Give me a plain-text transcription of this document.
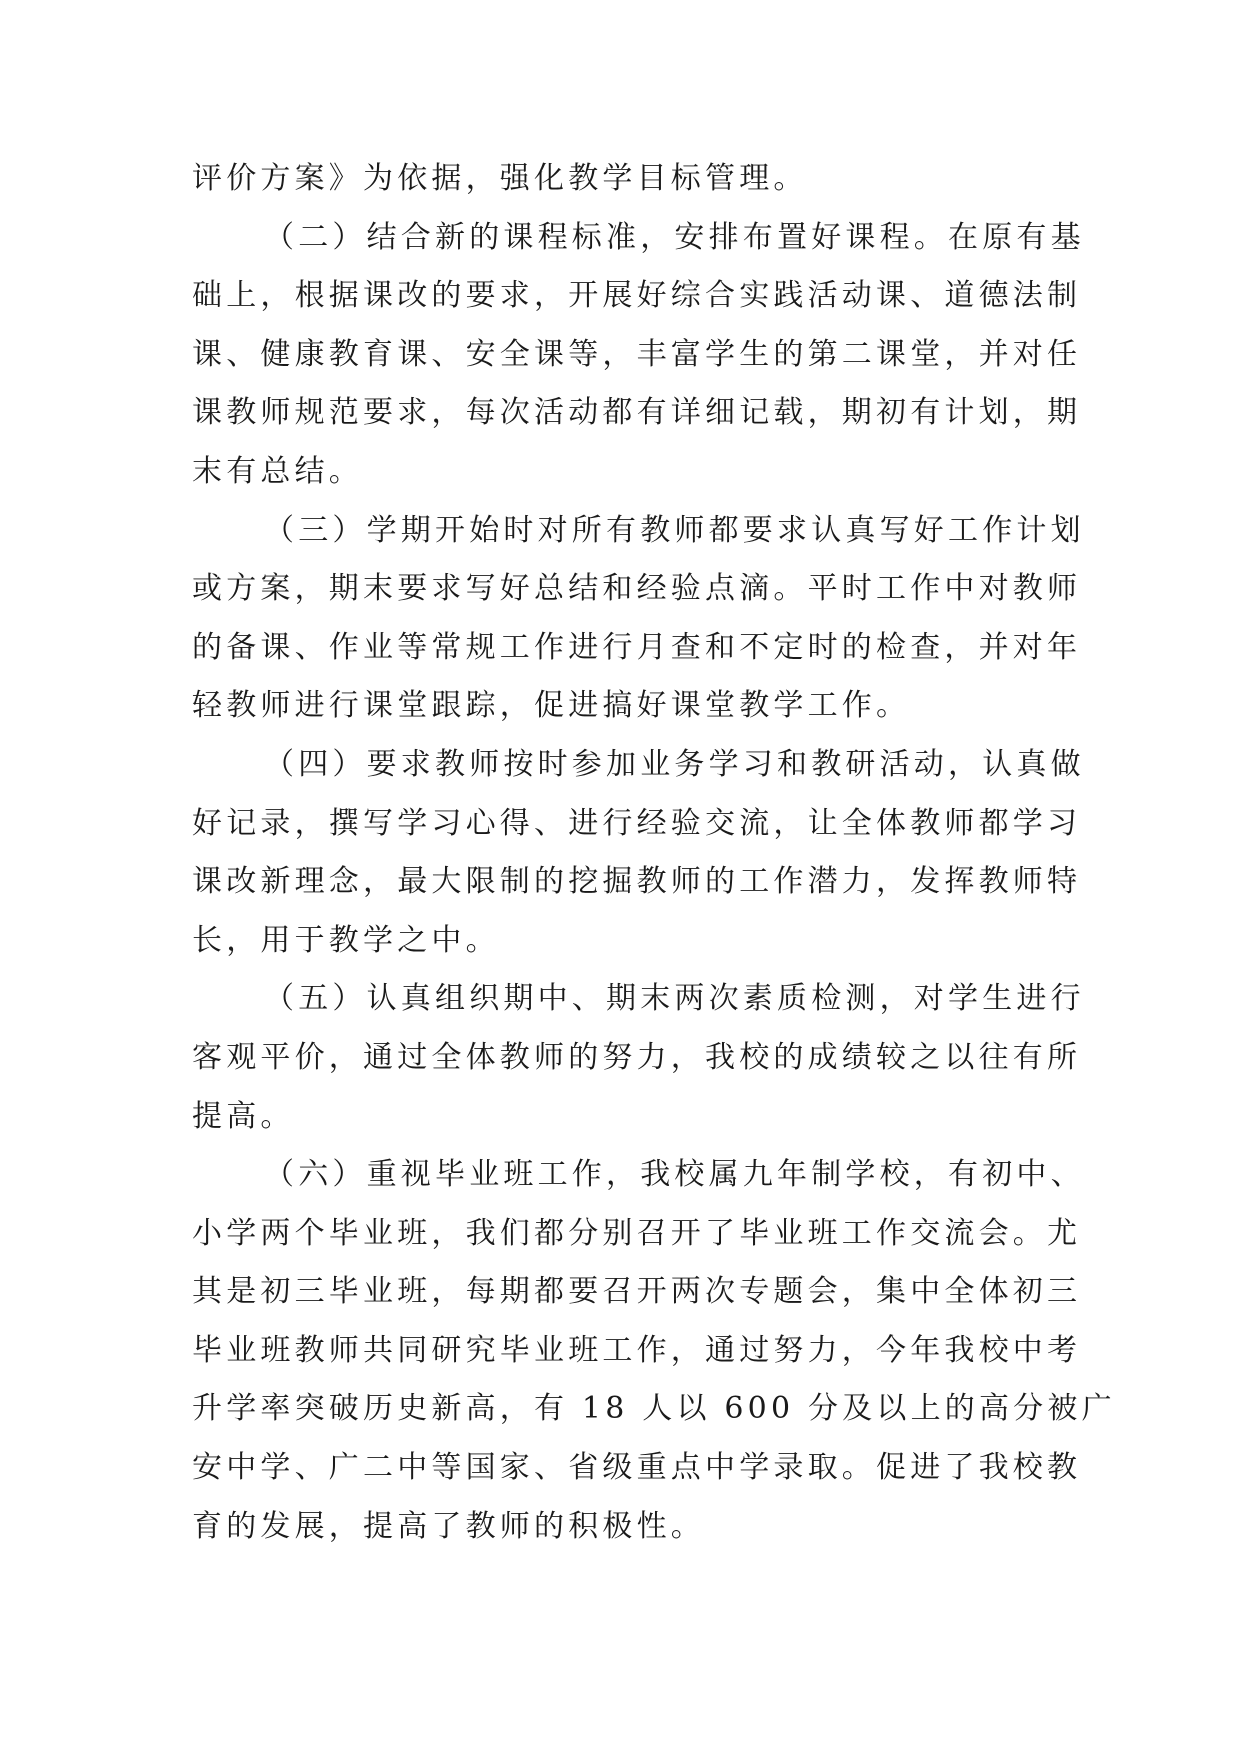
评价方案》为依据，强化教学目标管理。
（二）结合新的课程标准，安排布置好课程。在原有基
础上，根据课改的要求，开展好综合实践活动课、道德法制
课、健康教育课、安全课等，丰富学生的第二课堂，并对任
课教师规范要求，每次活动都有详细记载，期初有计划，期
末有总结。
（三）学期开始时对所有教师都要求认真写好工作计划
或方案，期末要求写好总结和经验点滴。平时工作中对教师
的备课、作业等常规工作进行月查和不定时的检查，并对年
轻教师进行课堂跟踪，促进搞好课堂教学工作。
（四）要求教师按时参加业务学习和教研活动，认真做
好记录，撰写学习心得、进行经验交流，让全体教师都学习
课改新理念，最大限制的挖掘教师的工作潜力，发挥教师特
长，用于教学之中。
（五）认真组织期中、期末两次素质检测，对学生进行
客观平价，通过全体教师的努力，我校的成绩较之以往有所
提高。
（六）重视毕业班工作，我校属九年制学校，有初中、
小学两个毕业班，我们都分别召开了毕业班工作交流会。尤
其是初三毕业班，每期都要召开两次专题会，集中全体初三
毕业班教师共同研究毕业班工作，通过努力，今年我校中考
升学率突破历史新高，有 18 人以 600 分及以上的高分被广
安中学、广二中等国家、省级重点中学录取。促进了我校教
育的发展，提高了教师的积极性。
